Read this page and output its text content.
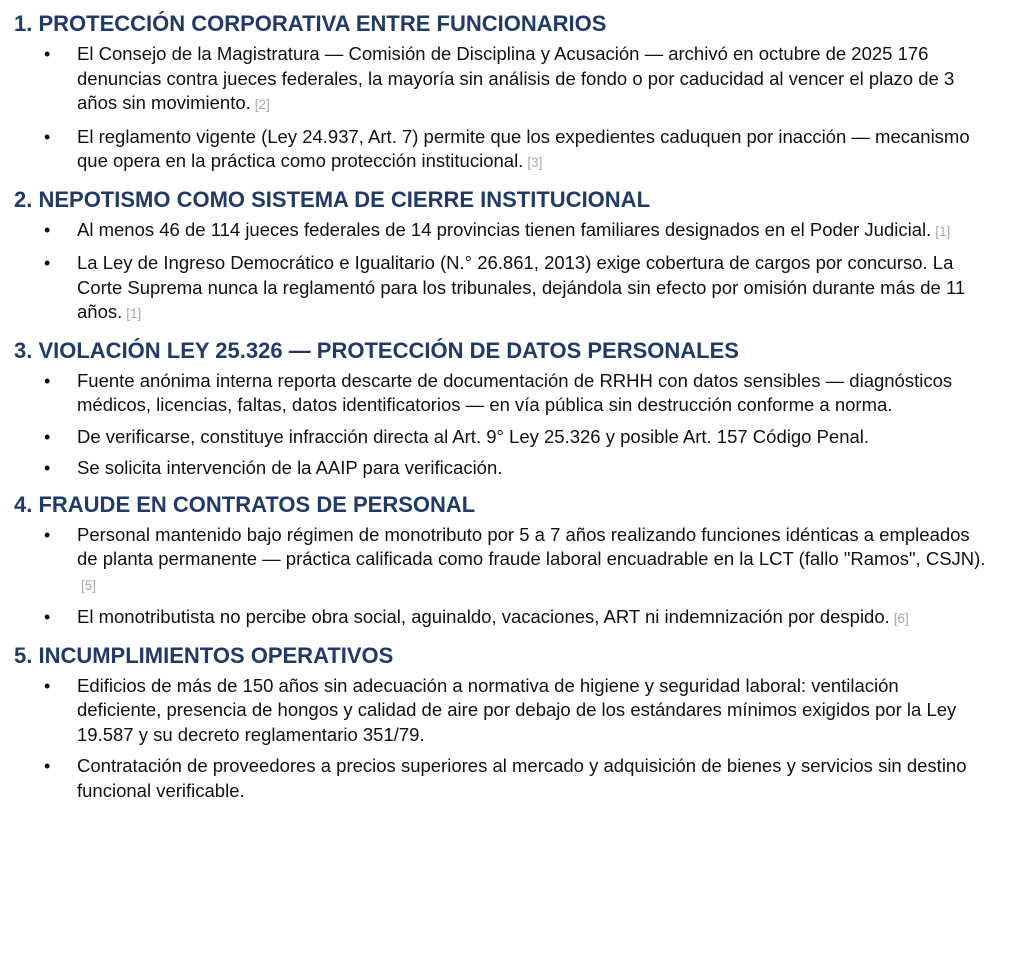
1. PROTECCIÓN CORPORATIVA ENTRE FUNCIONARIOS
• El Consejo de la Magistratura — Comisión de Disciplina y Acusación — archivó en octubre de 2025 176 denuncias contra jueces federales, la mayoría sin análisis de fondo o por caducidad al vencer el plazo de 3 años sin movimiento. [2]
• El reglamento vigente (Ley 24.937, Art. 7) permite que los expedientes caduquen por inacción — mecanismo que opera en la práctica como protección institucional. [3]
2. NEPOTISMO COMO SISTEMA DE CIERRE INSTITUCIONAL
• Al menos 46 de 114 jueces federales de 14 provincias tienen familiares designados en el Poder Judicial. [1]
• La Ley de Ingreso Democrático e Igualitario (N.° 26.861, 2013) exige cobertura de cargos por concurso. La Corte Suprema nunca la reglamentó para los tribunales, dejándola sin efecto por omisión durante más de 11 años. [1]
3. VIOLACIÓN LEY 25.326 — PROTECCIÓN DE DATOS PERSONALES
• Fuente anónima interna reporta descarte de documentación de RRHH con datos sensibles — diagnósticos médicos, licencias, faltas, datos identificatorios — en vía pública sin destrucción conforme a norma.
• De verificarse, constituye infracción directa al Art. 9° Ley 25.326 y posible Art. 157 Código Penal.
• Se solicita intervención de la AAIP para verificación.
4. FRAUDE EN CONTRATOS DE PERSONAL
• Personal mantenido bajo régimen de monotributo por 5 a 7 años realizando funciones idénticas a empleados de planta permanente — práctica calificada como fraude laboral encuadrable en la LCT (fallo "Ramos", CSJN).[5]
• El monotributista no percibe obra social, aguinaldo, vacaciones, ART ni indemnización por despido. [6]
5. INCUMPLIMIENTOS OPERATIVOS
• Edificios de más de 150 años sin adecuación a normativa de higiene y seguridad laboral: ventilación deficiente, presencia de hongos y calidad de aire por debajo de los estándares mínimos exigidos por la Ley 19.587 y su decreto reglamentario 351/79.
• Contratación de proveedores a precios superiores al mercado y adquisición de bienes y servicios sin destino funcional verificable.
